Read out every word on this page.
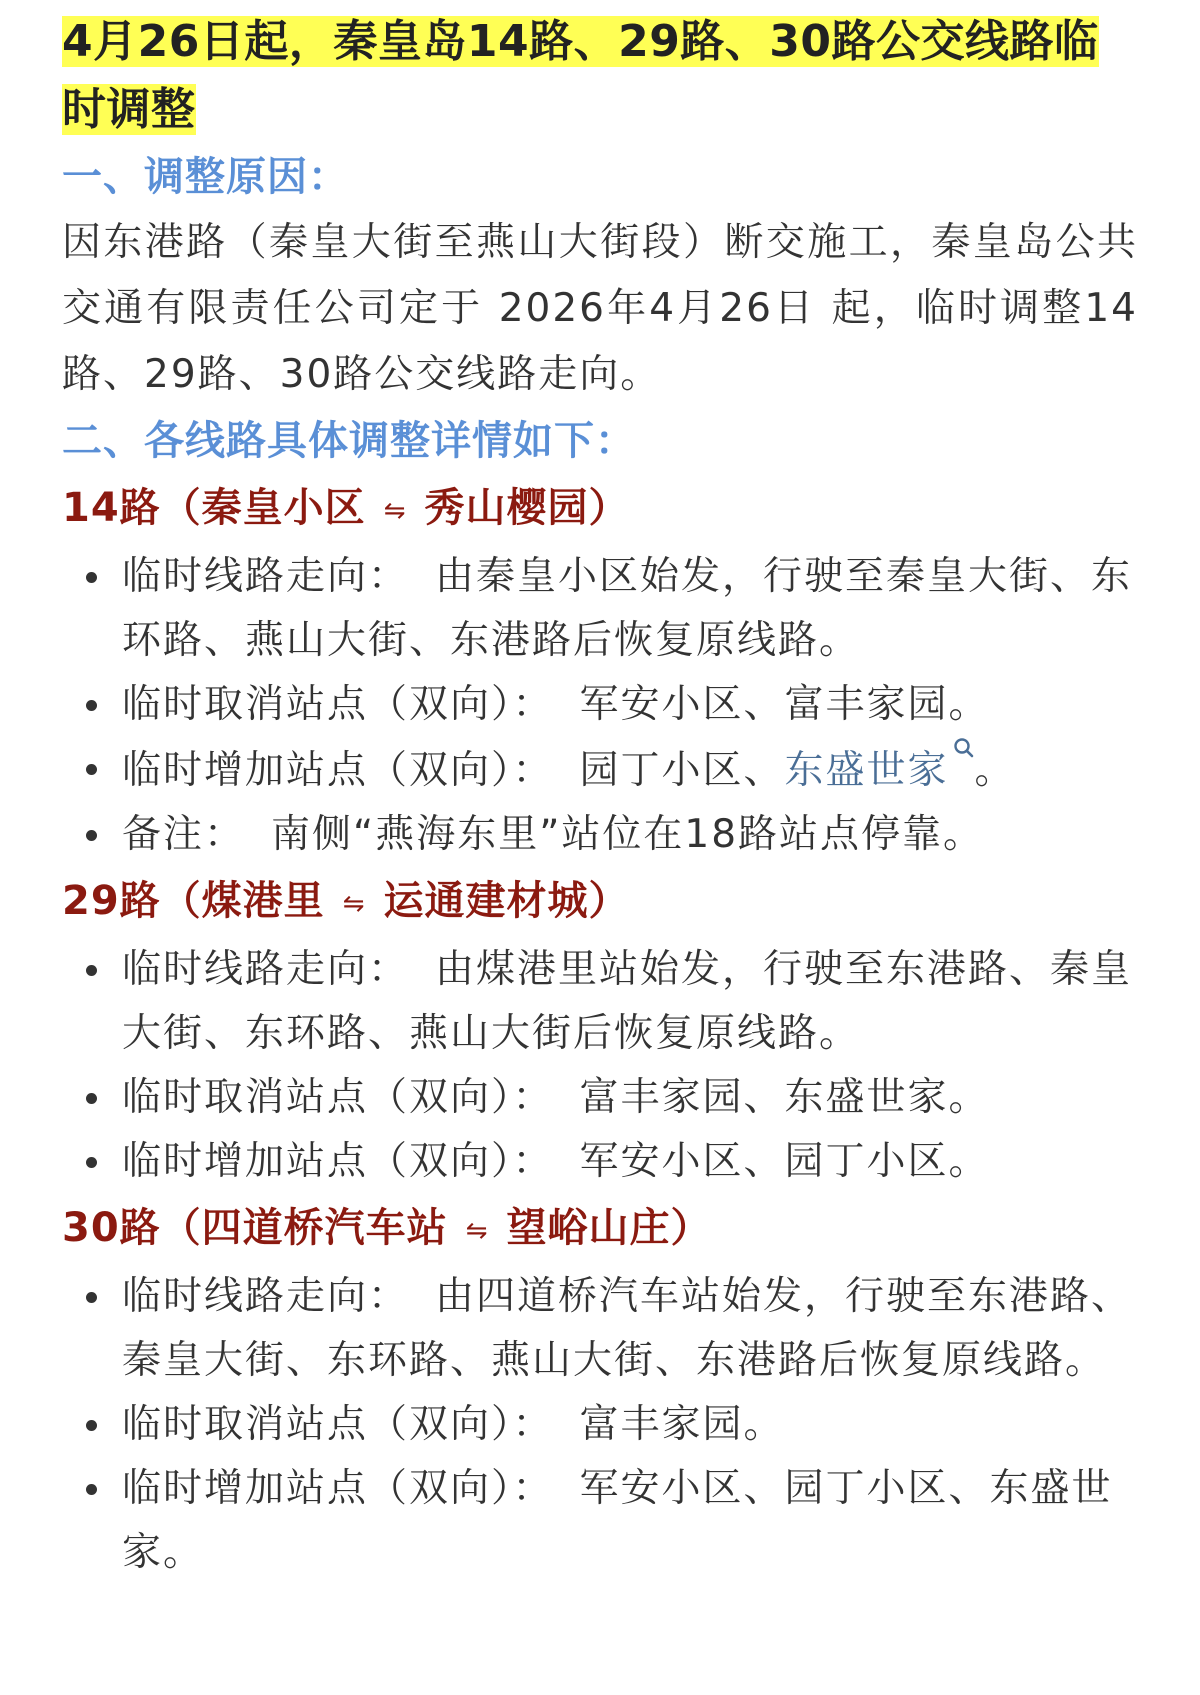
4月26日起，秦皇岛14路、29路、30路公交线路临时调整
一、调整原因：
因东港路（秦皇大街至燕山大街段）断交施工，秦皇岛公共交通有限责任公司定于 2026年4月26日 起，临时调整14路、29路、30路公交线路走向。
二、各线路具体调整详情如下：
14路（秦皇小区 ⇋ 秀山樱园）
临时线路走向： 由秦皇小区始发，行驶至秦皇大街、东环路、燕山大街、东港路后恢复原线路。
临时取消站点（双向）： 军安小区、富丰家园。
临时增加站点（双向）： 园丁小区、东盛世家 。
备注： 南侧“燕海东里”站位在18路站点停靠。
29路（煤港里 ⇋ 运通建材城）
临时线路走向： 由煤港里站始发，行驶至东港路、秦皇大街、东环路、燕山大街后恢复原线路。
临时取消站点（双向）： 富丰家园、东盛世家。
临时增加站点（双向）： 军安小区、园丁小区。
30路（四道桥汽车站 ⇋ 望峪山庄）
临时线路走向： 由四道桥汽车站始发，行驶至东港路、秦皇大街、东环路、燕山大街、东港路后恢复原线路。
临时取消站点（双向）： 富丰家园。
临时增加站点（双向）： 军安小区、园丁小区、东盛世家。
